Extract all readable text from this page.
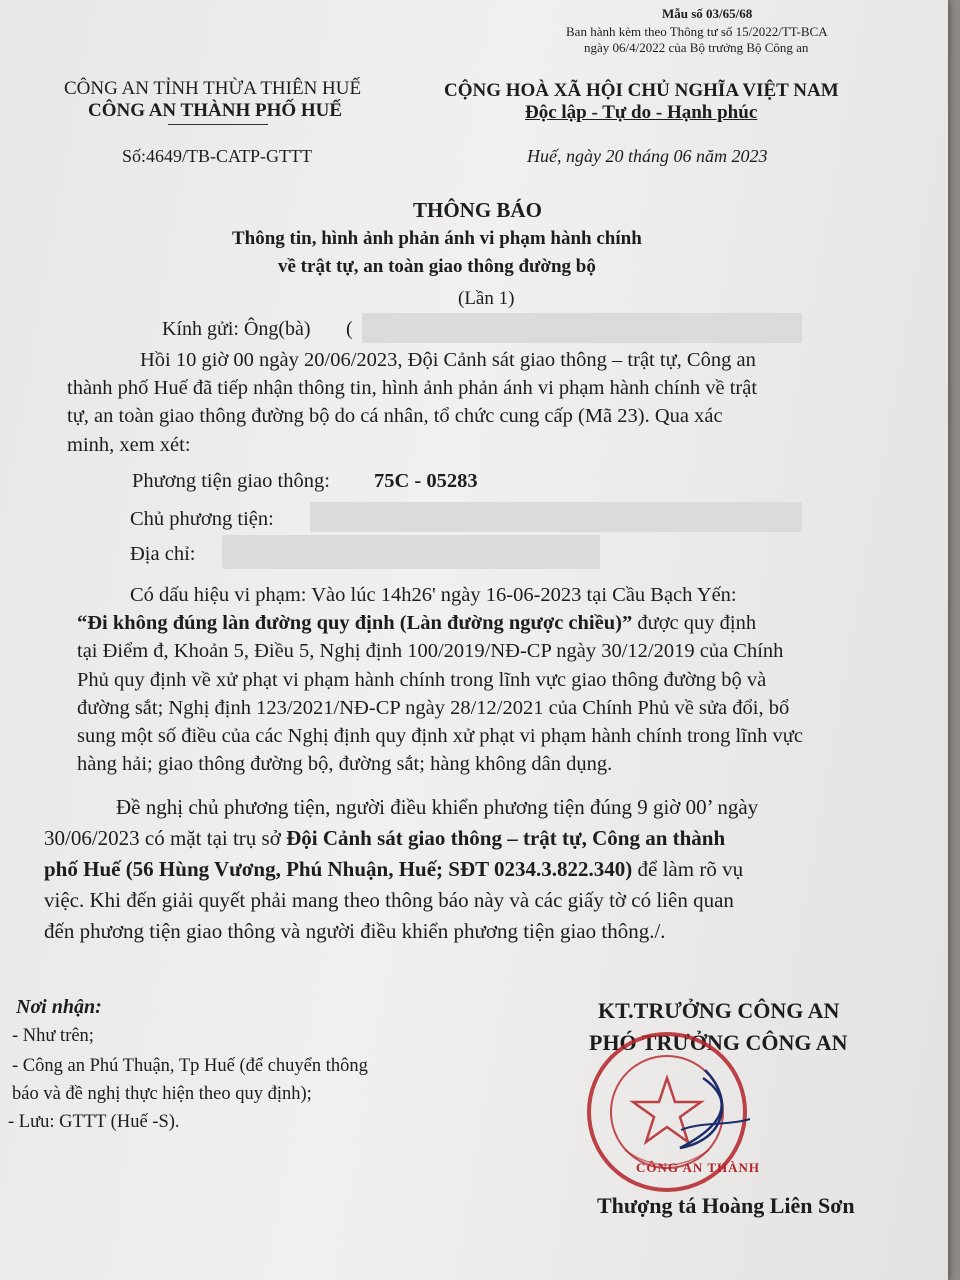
Mẫu số 03/65/68
Ban hành kèm theo Thông tư số 15/2022/TT-BCA
ngày 06/4/2022 của Bộ trưởng Bộ Công an
CÔNG AN TỈNH THỪA THIÊN HUẾ
CÔNG AN THÀNH PHỐ HUẾ
Số:4649/TB-CATP-GTTT
CỘNG HOÀ XÃ HỘI CHỦ NGHĨA VIỆT NAM
Độc lập - Tự do - Hạnh phúc
Huế, ngày 20 tháng 06 năm 2023
THÔNG BÁO
Thông tin, hình ảnh phản ánh vi phạm hành chính
về trật tự, an toàn giao thông đường bộ
(Lần 1)
Kính gửi: Ông(bà) (
Hồi 10 giờ 00 ngày 20/06/2023, Đội Cảnh sát giao thông – trật tự, Công an
thành phố Huế đã tiếp nhận thông tin, hình ảnh phản ánh vi phạm hành chính về trật
tự, an toàn giao thông đường bộ do cá nhân, tổ chức cung cấp (Mã 23). Qua xác
minh, xem xét:
Phương tiện giao thông: 75C - 05283
Chủ phương tiện:
Địa chỉ:
Có dấu hiệu vi phạm: Vào lúc 14h26' ngày 16-06-2023 tại Cầu Bạch Yến:
“Đi không đúng làn đường quy định (Làn đường ngược chiều)” được quy định
tại Điểm đ, Khoản 5, Điều 5, Nghị định 100/2019/NĐ-CP ngày 30/12/2019 của Chính
Phủ quy định về xử phạt vi phạm hành chính trong lĩnh vực giao thông đường bộ và
đường sắt; Nghị định 123/2021/NĐ-CP ngày 28/12/2021 của Chính Phủ về sửa đổi, bổ
sung một số điều của các Nghị định quy định xử phạt vi phạm hành chính trong lĩnh vực
hàng hải; giao thông đường bộ, đường sắt; hàng không dân dụng.
Đề nghị chủ phương tiện, người điều khiển phương tiện đúng 9 giờ 00’ ngày
30/06/2023 có mặt tại trụ sở Đội Cảnh sát giao thông – trật tự, Công an thành
phố Huế (56 Hùng Vương, Phú Nhuận, Huế; SĐT 0234.3.822.340) để làm rõ vụ
việc. Khi đến giải quyết phải mang theo thông báo này và các giấy tờ có liên quan
đến phương tiện giao thông và người điều khiển phương tiện giao thông./.
Nơi nhận:
- Như trên;
- Công an Phú Thuận, Tp Huế (để chuyển thông
báo và đề nghị thực hiện theo quy định);
- Lưu: GTTT (Huế -S).
KT.TRƯỞNG CÔNG AN
PHÓ TRƯỞNG CÔNG AN
CÔNG AN THÀNH
Thượng tá Hoàng Liên Sơn
